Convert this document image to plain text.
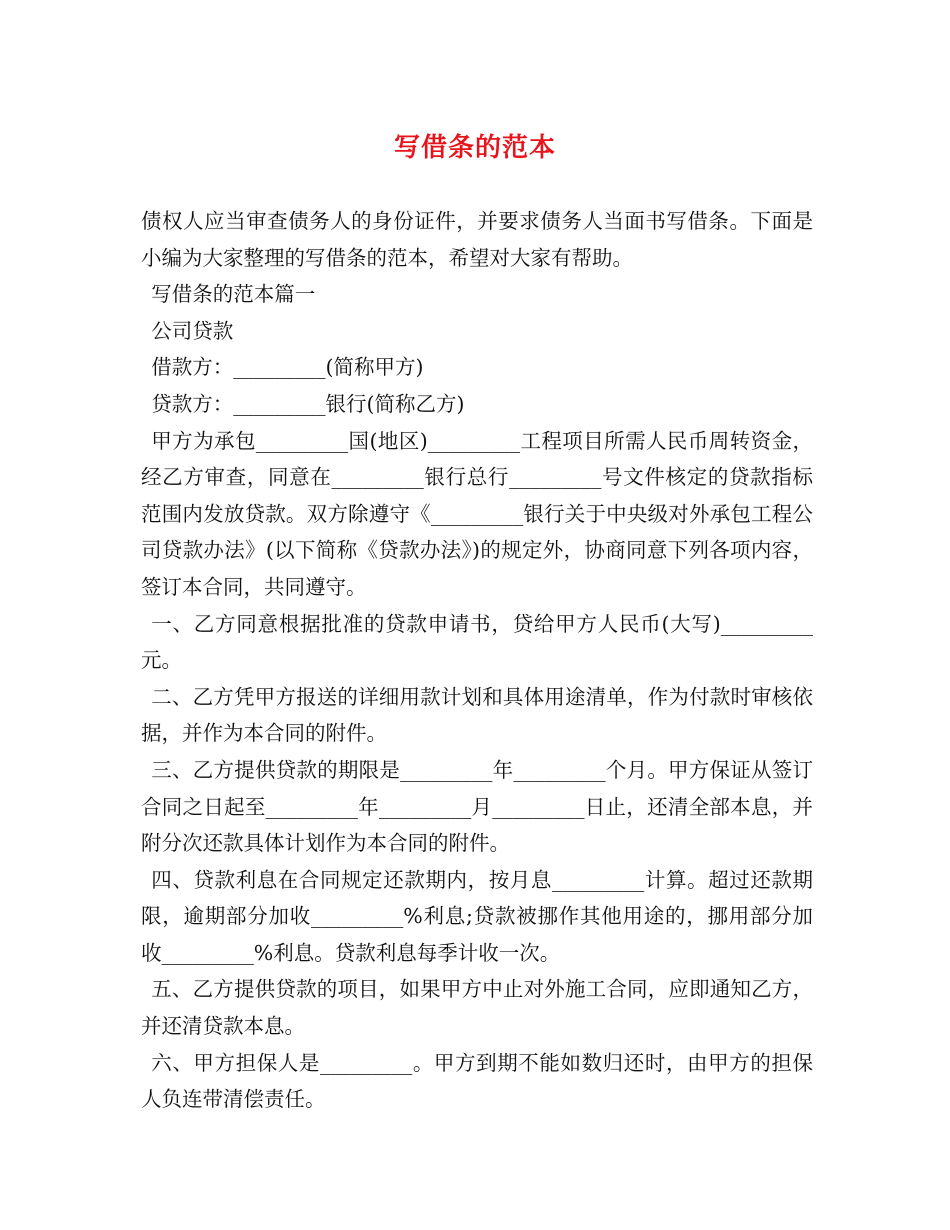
写借条的范本

债权人应当审查债务人的身份证件，并要求债务人当面书写借条。下面是小编为大家整理的写借条的范本，希望对大家有帮助。

写借条的范本篇一

公司贷款

借款方：_________(简称甲方)

贷款方：_________银行(简称乙方)

甲方为承包_________国(地区)_________工程项目所需人民币周转资金，经乙方审查，同意在_________银行总行_________号文件核定的贷款指标范围内发放贷款。双方除遵守《_________银行关于中央级对外承包工程公司贷款办法》(以下简称《贷款办法》)的规定外，协商同意下列各项内容，签订本合同，共同遵守。

一、乙方同意根据批准的贷款申请书，贷给甲方人民币(大写)_________元。

二、乙方凭甲方报送的详细用款计划和具体用途清单，作为付款时审核依据，并作为本合同的附件。

三、乙方提供贷款的期限是_________年_________个月。甲方保证从签订合同之日起至_________年_________月_________日止，还清全部本息，并附分次还款具体计划作为本合同的附件。

四、贷款利息在合同规定还款期内，按月息_________计算。超过还款期限，逾期部分加收_________%利息;贷款被挪作其他用途的，挪用部分加收_________%利息。贷款利息每季计收一次。

五、乙方提供贷款的项目，如果甲方中止对外施工合同，应即通知乙方，并还清贷款本息。

六、甲方担保人是_________。甲方到期不能如数归还时，由甲方的担保人负连带清偿责任。
